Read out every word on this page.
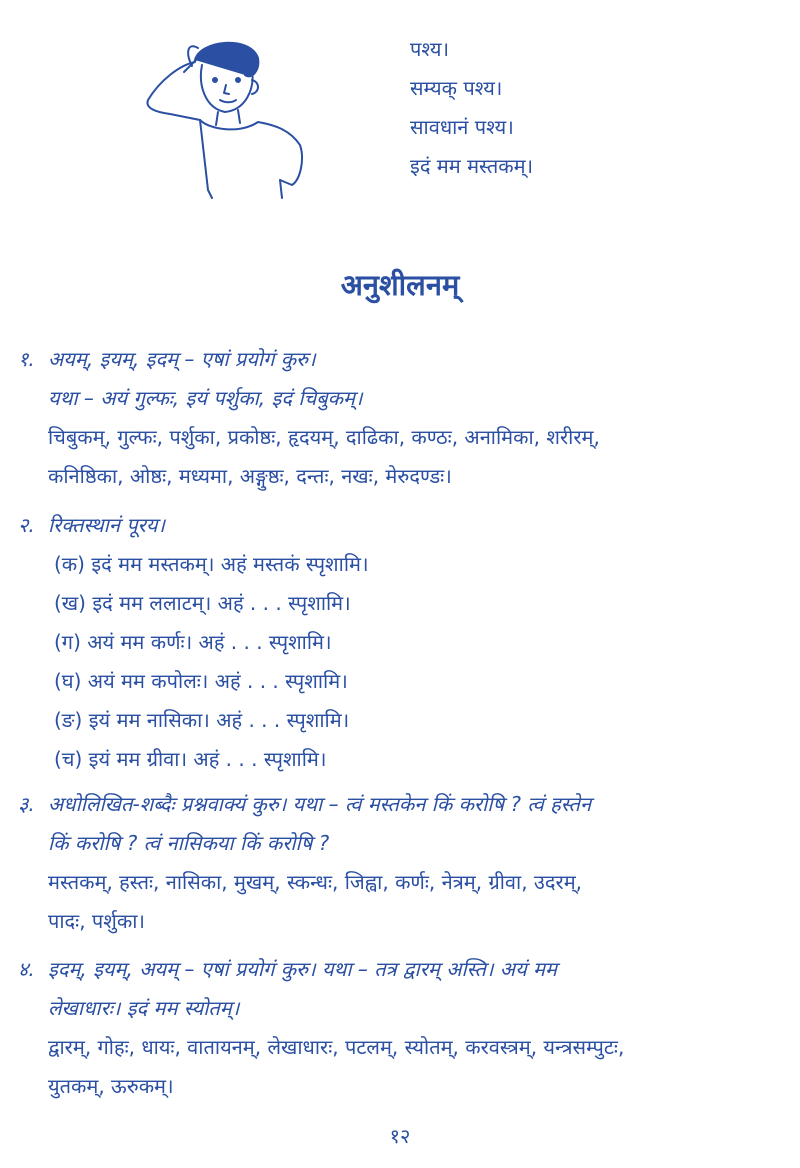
पश्य।
सम्यक् पश्य।
सावधानं पश्य।
इदं मम मस्तकम्।
अनुशीलनम्
१. अयम्, इयम्, इदम् – एषां प्रयोगं कुरु।
यथा – अयं गुल्फः, इयं पर्शुका, इदं चिबुकम्।
चिबुकम्, गुल्फः, पर्शुका, प्रकोष्ठः, हृदयम्, दाढिका, कण्ठः, अनामिका, शरीरम्,
कनिष्ठिका, ओष्ठः, मध्यमा, अङ्गुष्ठः, दन्तः, नखः, मेरुदण्डः।
२. रिक्तस्थानं पूरय।
(क) इदं मम मस्तकम्। अहं मस्तकं स्पृशामि।
(ख) इदं मम ललाटम्। अहं . . . स्पृशामि।
(ग) अयं मम कर्णः। अहं . . . स्पृशामि।
(घ) अयं मम कपोलः। अहं . . . स्पृशामि।
(ङ) इयं मम नासिका। अहं . . . स्पृशामि।
(च) इयं मम ग्रीवा। अहं . . . स्पृशामि।
३. अधोलिखित-शब्दैः प्रश्नवाक्यं कुरु। यथा – त्वं मस्तकेन किं करोषि ? त्वं हस्तेन
किं करोषि ? त्वं नासिकया किं करोषि ?
मस्तकम्, हस्तः, नासिका, मुखम्, स्कन्धः, जिह्वा, कर्णः, नेत्रम्, ग्रीवा, उदरम्,
पादः, पर्शुका।
४. इदम्, इयम्, अयम् – एषां प्रयोगं कुरु। यथा – तत्र द्वारम् अस्ति। अयं मम
लेखाधारः। इदं मम स्योतम्।
द्वारम्, गोहः, धायः, वातायनम्, लेखाधारः, पटलम्, स्योतम्, करवस्त्रम्, यन्त्रसम्पुटः,
युतकम्, ऊरुकम्।
१२
